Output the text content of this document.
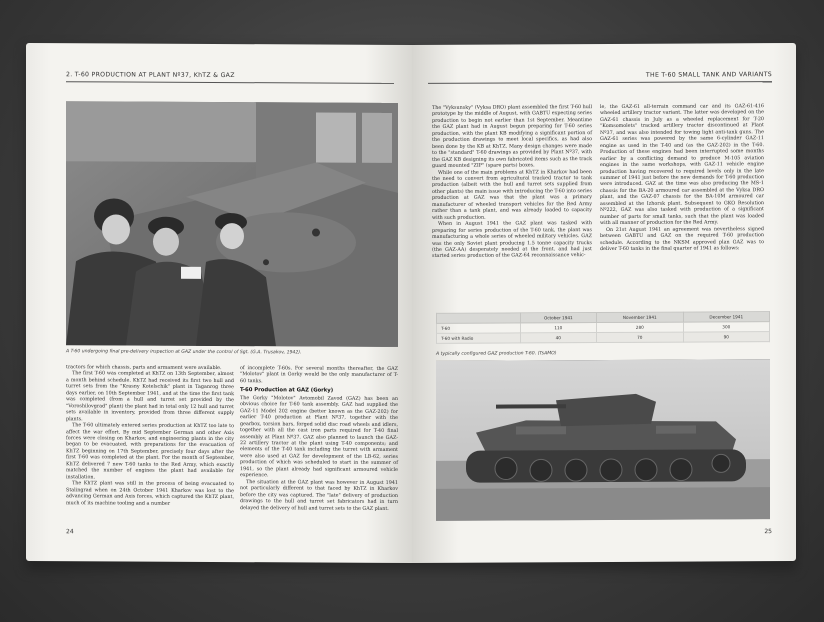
2. T-60 PRODUCTION AT PLANT Nº37, KhTZ & GAZ
A T-60 undergoing final pre-delivery inspection at GAZ under the control of Sgt. (G.A. Trusakov, 1942).

tractors for which chassis, parts and armament were available.

The first T-60 was completed at KhTZ on 13th September, almost a month behind schedule. KhTZ had received its first two hull and turret sets from the "Krasny Kotelschik" plant in Taganrog three days earlier, on 10th September 1941, and at the time the first tank was completed (from a hull and turret set provided by the "Voroshilovgrad" plant) the plant had in total only 12 hull and turret sets available in inventory, provided from three different supply plants.

The T-60 ultimately entered series production at KhTZ too late to affect the war effort. By mid September German and other Axis forces were closing on Kharkov, and engineering plants in the city began to be evacuated, with preparations for the evacuation of KhTZ beginning on 17th September, precisely four days after the first T-60 was completed at the plant. For the month of September, KhTZ delivered 7 new T-60 tanks to the Red Army, which exactly matched the number of engines the plant had available for installation.

The KhTZ plant was still in the process of being evacuated to Stalingrad when on 24th October 1941 Kharkov was lost to the advancing German and Axis forces, which captured the KhTZ plant, much of its machine tooling and a number

of incomplete T-60s. For several months thereafter, the GAZ "Molotov" plant in Gorky would be the only manufacturer of T-60 tanks.

T-60 Production at GAZ (Gorky)

The Gorky "Molotov" Avtomobil Zavod (GAZ) has been an obvious choice for T-60 tank assembly. GAZ had supplied the GAZ-11 Model 202 engine (better known as the GAZ-202) for earlier T-40 production at Plant Nº37, together with the gearbox, torsion bars, forged solid disc road wheels and idlers, together with all the cast iron parts required for T-40 final assembly at Plant Nº37. GAZ also planned to launch the GAZ-22 artillery tractor at the plant using T-40 components; and elements of the T-40 tank including the turret with armament were also used at GAZ for development of the LB-62, series production of which was scheduled to start in the summer of 1941, so the plant already had significant armoured vehicle experience.

The situation at the GAZ plant was however in August 1941 not particularly different to that faced by KhTZ in Kharkov before the city was captured. The "late" delivery of production drawings to the hull and turret set fabricators had in turn delayed the delivery of hull and turret sets to the GAZ plant.

24
THE T-60 SMALL TANK AND VARIANTS

The "Vyksunsky" (Vyksa DRO) plant assembled the first T-60 hull prototype by the middle of August, with GABTU expecting series production to begin not earlier than 1st September. Meantime the GAZ plant had in August begun preparing for T-60 series production, with the plant KB modifying a significant portion of the production drawings to meet local specifics, as had also been done by the KB at KhTZ. Many design changes were made to the "standard" T-60 drawings as provided by Plant Nº37, with the GAZ KB designing its own fabricated items such as the track guard mounted "ZIP" (spare parts) boxes.

While one of the main problems at KhTZ in Kharkov had been the need to convert from agricultural tracked tractor to tank production (albeit with the hull and turret sets supplied from other plants) the main issue with introducing the T-60 into series production at GAZ was that the plant was a primary manufacturer of wheeled transport vehicles for the Red Army rather than a tank plant, and was already loaded to capacity with such production.

When in August 1941 the GAZ plant was tasked with preparing for series production of the T-60 tank, the plant was manufacturing a whole series of wheeled military vehicles. GAZ was the only Soviet plant producing 1.5 tonne capacity trucks (the GAZ-AA) desperately needed at the front, and had just started series production of the GAZ-64 reconnaissance vehic-

le, the GAZ-61 all-terrain command car and its GAZ-61-416 wheeled artillery tractor variant. The latter was developed on the GAZ-61 chassis in July as a wheeled replacement for T-20 "Komsomolets" tracked artillery tractor discontinued at Plant Nº37, and was also intended for towing light anti-tank guns. The GAZ-61 series was powered by the same 6-cylinder GAZ-11 engine as used in the T-40 and (as the GAZ-202) in the T-60. Production of these engines had been interrupted some months earlier by a conflicting demand to produce M-105 aviation engines in the same workshops, with GAZ-11 vehicle engine production having recovered to required levels only in the late summer of 1941 just before the new demands for T-60 production were introduced. GAZ at the time was also producing the MS-1 chassis for the BA-20 armoured car assembled at the Vyksa DRO plant, and the GAZ-07 chassis for the BA-10M armoured car assembled at the Izhorsk plant. Subsequent to GKO Resolution Nº222, GAZ was also tasked with production of a significant number of parts for small tanks, such that the plant was loaded with all manner of production for the Red Army.

On 21st August 1941 an agreement was nevertheless signed between GABTU and GAZ on the required T-60 production schedule. According to the NKSM approved plan GAZ was to deliver T-60 tanks in the final quarter of 1941 as follows:

	October 1941	November 1941	December 1941
T-60	110	280	300
T-60 with Radio	40	70	90
A typically configured GAZ production T-60. (TsAMO)
25
